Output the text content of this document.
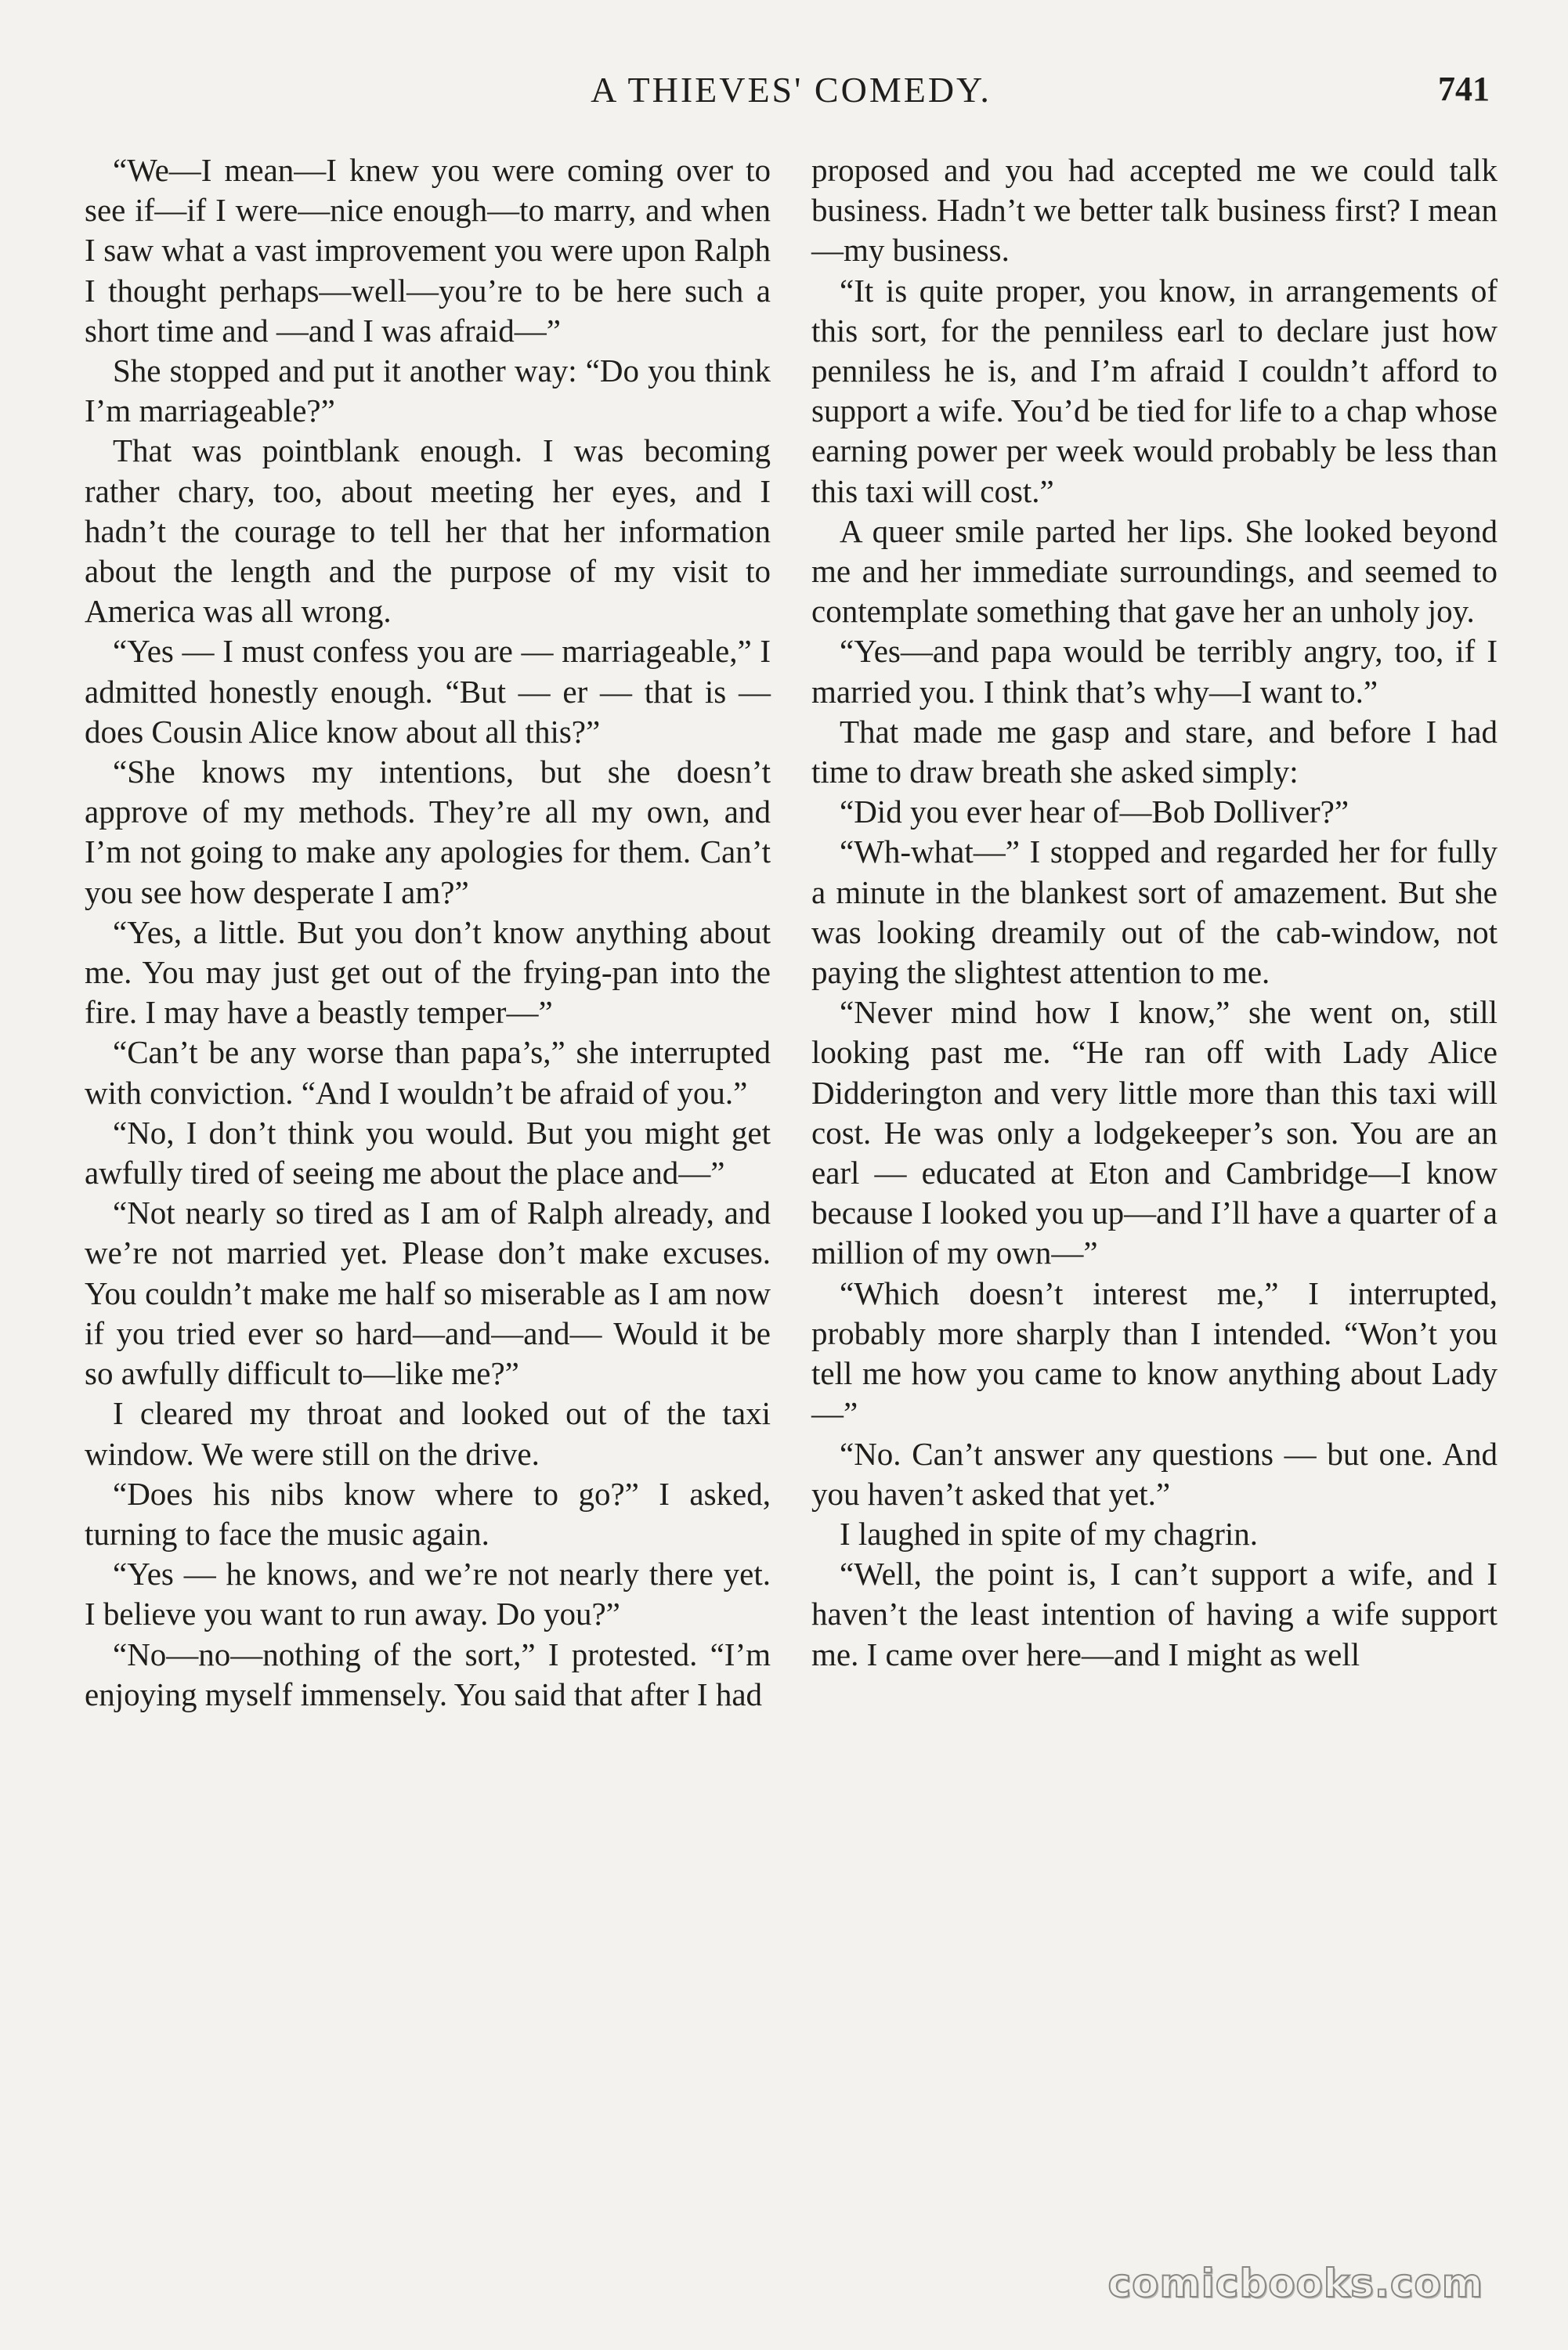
A THIEVES' COMEDY.	741

“We—I mean—I knew you were coming over to see if—if I were—nice enough—to marry, and when I saw what a vast improvement you were upon Ralph I thought perhaps—well—you’re to be here such a short time and —and I was afraid—”

She stopped and put it another way: “Do you think I’m marriageable?”

That was pointblank enough. I was becoming rather chary, too, about meeting her eyes, and I hadn’t the courage to tell her that her information about the length and the purpose of my visit to America was all wrong.

“Yes — I must confess you are — marriageable,” I admitted honestly enough. “But — er — that is — does Cousin Alice know about all this?”

“She knows my intentions, but she doesn’t approve of my methods. They’re all my own, and I’m not going to make any apologies for them. Can’t you see how desperate I am?”

“Yes, a little. But you don’t know anything about me. You may just get out of the frying-pan into the fire. I may have a beastly temper—”

“Can’t be any worse than papa’s,” she interrupted with conviction. “And I wouldn’t be afraid of you.”

“No, I don’t think you would. But you might get awfully tired of seeing me about the place and—”

“Not nearly so tired as I am of Ralph already, and we’re not married yet. Please don’t make excuses. You couldn’t make me half so miserable as I am now if you tried ever so hard—and—and— Would it be so awfully difficult to—like me?”

I cleared my throat and looked out of the taxi window. We were still on the drive.

“Does his nibs know where to go?” I asked, turning to face the music again.

“Yes — he knows, and we’re not nearly there yet. I believe you want to run away. Do you?”

“No—no—nothing of the sort,” I protested. “I’m enjoying myself immensely. You said that after I had

proposed and you had accepted me we could talk business. Hadn’t we better talk business first? I mean—my business.

“It is quite proper, you know, in arrangements of this sort, for the penniless earl to declare just how penniless he is, and I’m afraid I couldn’t afford to support a wife. You’d be tied for life to a chap whose earning power per week would probably be less than this taxi will cost.”

A queer smile parted her lips. She looked beyond me and her immediate surroundings, and seemed to contemplate something that gave her an unholy joy.

“Yes—and papa would be terribly angry, too, if I married you. I think that’s why—I want to.”

That made me gasp and stare, and before I had time to draw breath she asked simply:

“Did you ever hear of—Bob Dolliver?”

“Wh-what—” I stopped and regarded her for fully a minute in the blankest sort of amazement. But she was looking dreamily out of the cab-window, not paying the slightest attention to me.

“Never mind how I know,” she went on, still looking past me. “He ran off with Lady Alice Didderington and very little more than this taxi will cost. He was only a lodgekeeper’s son. You are an earl — educated at Eton and Cambridge—I know because I looked you up—and I’ll have a quarter of a million of my own—”

“Which doesn’t interest me,” I interrupted, probably more sharply than I intended. “Won’t you tell me how you came to know anything about Lady—”

“No. Can’t answer any questions — but one. And you haven’t asked that yet.”

I laughed in spite of my chagrin.

“Well, the point is, I can’t support a wife, and I haven’t the least intention of having a wife support me. I came over here—and I might as well

comicbooks.com
